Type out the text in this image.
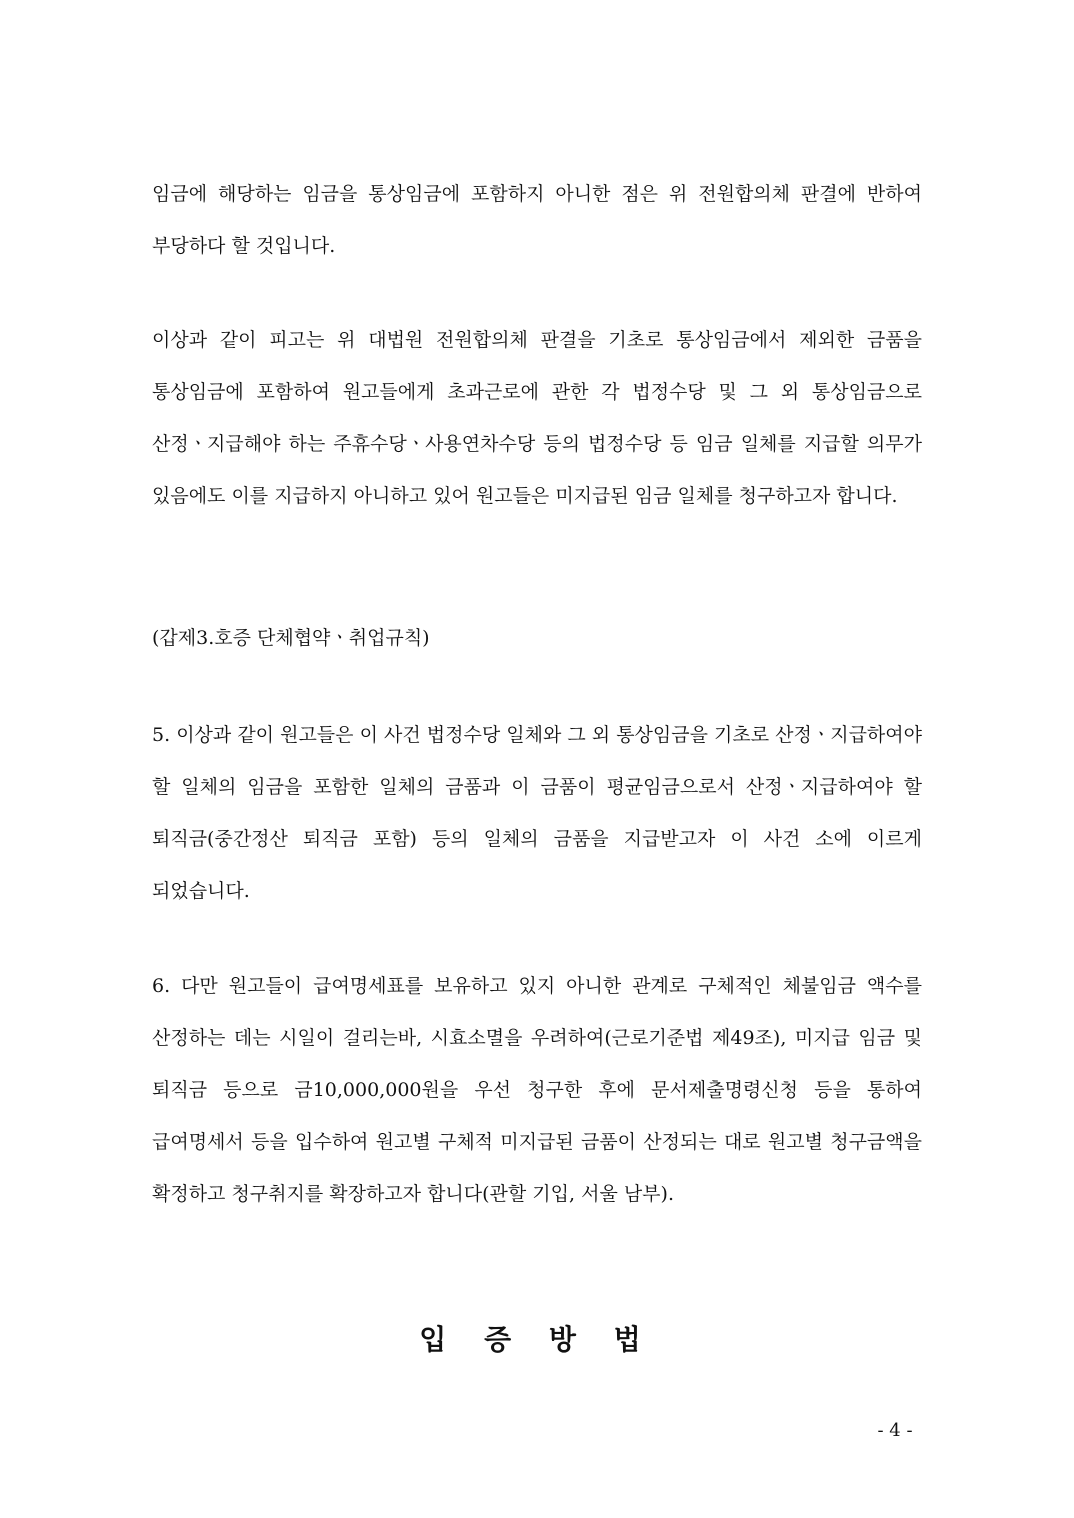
임금에 해당하는 임금을 통상임금에 포함하지 아니한 점은 위 전원합의체 판결에 반하여 부당하다 할 것입니다.

이상과 같이 피고는 위 대법원 전원합의체 판결을 기초로 통상임금에서 제외한 금품을 통상임금에 포함하여 원고들에게 초과근로에 관한 각 법정수당 및 그 외 통상임금으로 산정ㆍ지급해야 하는 주휴수당ㆍ사용연차수당 등의 법정수당 등 임금 일체를 지급할 의무가 있음에도 이를 지급하지 아니하고 있어 원고들은 미지급된 임금 일체를 청구하고자 합니다.

(갑제3.호증 단체협약ㆍ취업규칙)

5. 이상과 같이 원고들은 이 사건 법정수당 일체와 그 외 통상임금을 기초로 산정ㆍ지급하여야 할 일체의 임금을 포함한 일체의 금품과 이 금품이 평균임금으로서 산정ㆍ지급하여야 할 퇴직금(중간정산 퇴직금 포함) 등의 일체의 금품을 지급받고자 이 사건 소에 이르게 되었습니다.

6. 다만 원고들이 급여명세표를 보유하고 있지 아니한 관계로 구체적인 체불임금 액수를 산정하는 데는 시일이 걸리는바, 시효소멸을 우려하여(근로기준법 제49조), 미지급 임금 및 퇴직금 등으로 금10,000,000원을 우선 청구한 후에 문서제출명령신청 등을 통하여 급여명세서 등을 입수하여 원고별 구체적 미지급된 금품이 산정되는 대로 원고별 청구금액을 확정하고 청구취지를 확장하고자 합니다(관할 기입, 서울 남부).

입 증 방 법
- 4 -
